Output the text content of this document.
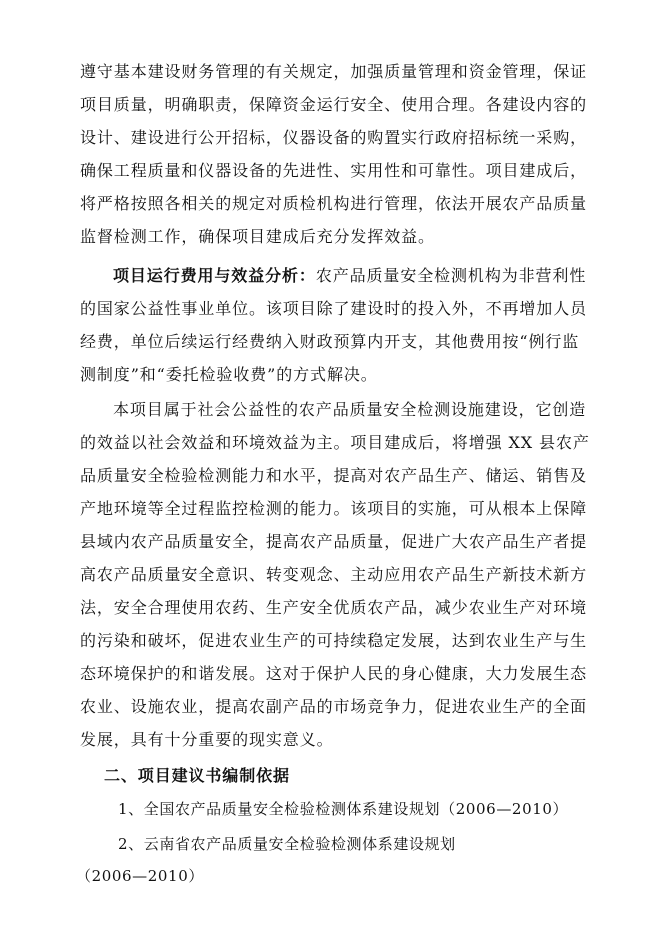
遵守基本建设财务管理的有关规定，加强质量管理和资金管理，保证
项目质量，明确职责，保障资金运行安全、使用合理。各建设内容的
设计、建设进行公开招标，仪器设备的购置实行政府招标统一采购，
确保工程质量和仪器设备的先进性、实用性和可靠性。项目建成后，
将严格按照各相关的规定对质检机构进行管理，依法开展农产品质量
监督检测工作，确保项目建成后充分发挥效益。
项目运行费用与效益分析：农产品质量安全检测机构为非营利性
的国家公益性事业单位。该项目除了建设时的投入外，不再增加人员
经费，单位后续运行经费纳入财政预算内开支，其他费用按“例行监
测制度”和“委托检验收费”的方式解决。
本项目属于社会公益性的农产品质量安全检测设施建设，它创造
的效益以社会效益和环境效益为主。项目建成后，将增强 XX 县农产
品质量安全检验检测能力和水平，提高对农产品生产、储运、销售及
产地环境等全过程监控检测的能力。该项目的实施，可从根本上保障
县域内农产品质量安全，提高农产品质量，促进广大农产品生产者提
高农产品质量安全意识、转变观念、主动应用农产品生产新技术新方
法，安全合理使用农药、生产安全优质农产品，减少农业生产对环境
的污染和破坏，促进农业生产的可持续稳定发展，达到农业生产与生
态环境保护的和谐发展。这对于保护人民的身心健康，大力发展生态
农业、设施农业，提高农副产品的市场竞争力，促进农业生产的全面
发展，具有十分重要的现实意义。
二、项目建议书编制依据
1、全国农产品质量安全检验检测体系建设规划（2006—2010）
2、云南省农产品质量安全检验检测体系建设规划
（2006—2010）
